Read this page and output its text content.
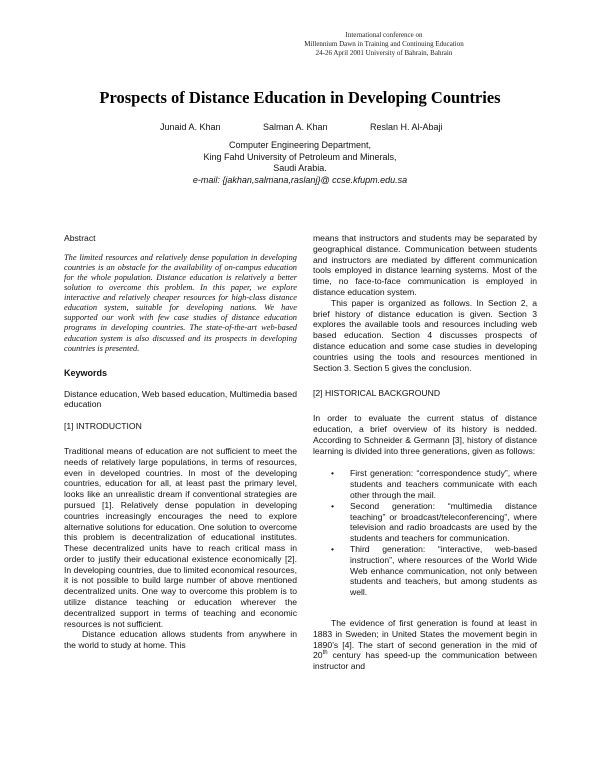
International conference on
Millennium Dawn in Training and Continuing Education
24-26 April 2001 University of Bahrain, Bahrain
Prospects of Distance Education in Developing Countries
Junaid A. Khan	Salman A. Khan	Reslan H. Al-Abaji
Computer Engineering Department,
King Fahd University of Petroleum and Minerals,
Saudi Arabia.
e-mail: {jakhan,salmana,raslanj}@ ccse.kfupm.edu.sa
Abstract

The limited resources and relatively dense population in developing countries is an obstacle for the availability of on-campus education for the whole population. Distance education is relatively a better solution to overcome this problem. In this paper, we explore interactive and relatively cheaper resources for high-class distance education system, suitable for developing nations. We have supported our work with few case studies of distance education programs in developing countries. The state-of-the-art web-based education system is also discussed and its prospects in developing countries is presented.

Keywords

Distance education, Web based education, Multimedia based education

[1] INTRODUCTION

Traditional means of education are not sufficient to meet the needs of relatively large populations, in terms of resources, even in developed countries. In most of the developing countries, education for all, at least past the primary level, looks like an unrealistic dream if conventional strategies are pursued [1]. Relatively dense population in developing countries increasingly encourages the need to explore alternative solutions for education. One solution to overcome this problem is decentralization of educational institutes. These decentralized units have to reach critical mass in order to justify their educational existence economically [2]. In developing countries, due to limited economical resources, it is not possible to build large number of above mentioned decentralized units. One way to overcome this problem is to utilize distance teaching or education wherever the decentralized support in terms of teaching and economic resources is not sufficient.

Distance education allows students from anywhere in the world to study at home. This

means that instructors and students may be separated by geographical distance. Communication between students and instructors are mediated by different communication tools employed in distance learning systems. Most of the time, no face-to-face communication is employed in distance education system.

This paper is organized as follows. In Section 2, a brief history of distance education is given. Section 3 explores the available tools and resources including web based education. Section 4 discusses prospects of distance education and some case studies in developing countries using the tools and resources mentioned in Section 3. Section 5 gives the conclusion.

[2] HISTORICAL BACKGROUND

In order to evaluate the current status of distance education, a brief overview of its history is nedded. According to Schneider & Germann [3], history of distance learning is divided into three generations, given as follows:

• First generation: “correspondence study”, where students and teachers communicate with each other through the mail.
• Second generation: “multimedia distance teaching” or broadcast/teleconferencing”, where television and radio broadcasts are used by the students and teachers for communication.
• Third generation: “interactive, web-based instruction”, where resources of the World Wide Web enhance communication, not only between students and teachers, but among students as well.

The evidence of first generation is found at least in 1883 in Sweden; in United States the movement begin in 1890’s [4]. The start of second generation in the mid of 20th century has speed-up the communication between instructor and
